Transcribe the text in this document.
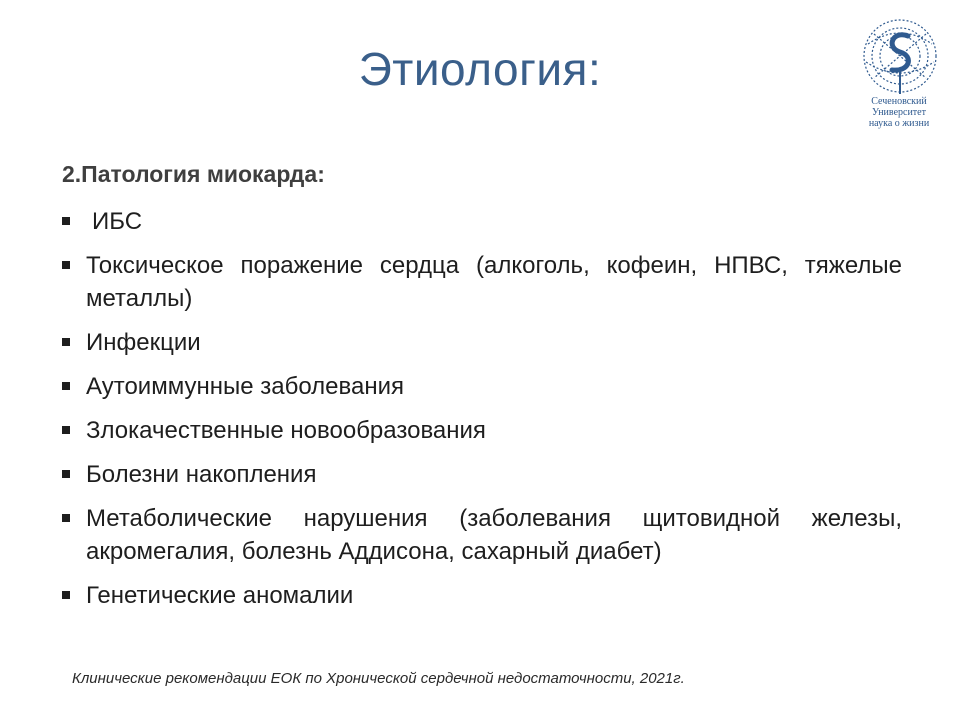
Этиология:
Сеченовский
Университет
наука о жизни
2.Патология миокарда:
ИБС
Токсическое поражение сердца (алкоголь, кофеин, НПВС, тяжелые металлы)
Инфекции
Аутоиммунные заболевания
Злокачественные новообразования
Болезни накопления
Метаболические нарушения (заболевания щитовидной железы, акромегалия, болезнь Аддисона, сахарный диабет)
Генетические аномалии
Клинические рекомендации ЕОК по Хронической сердечной недостаточности, 2021г.
